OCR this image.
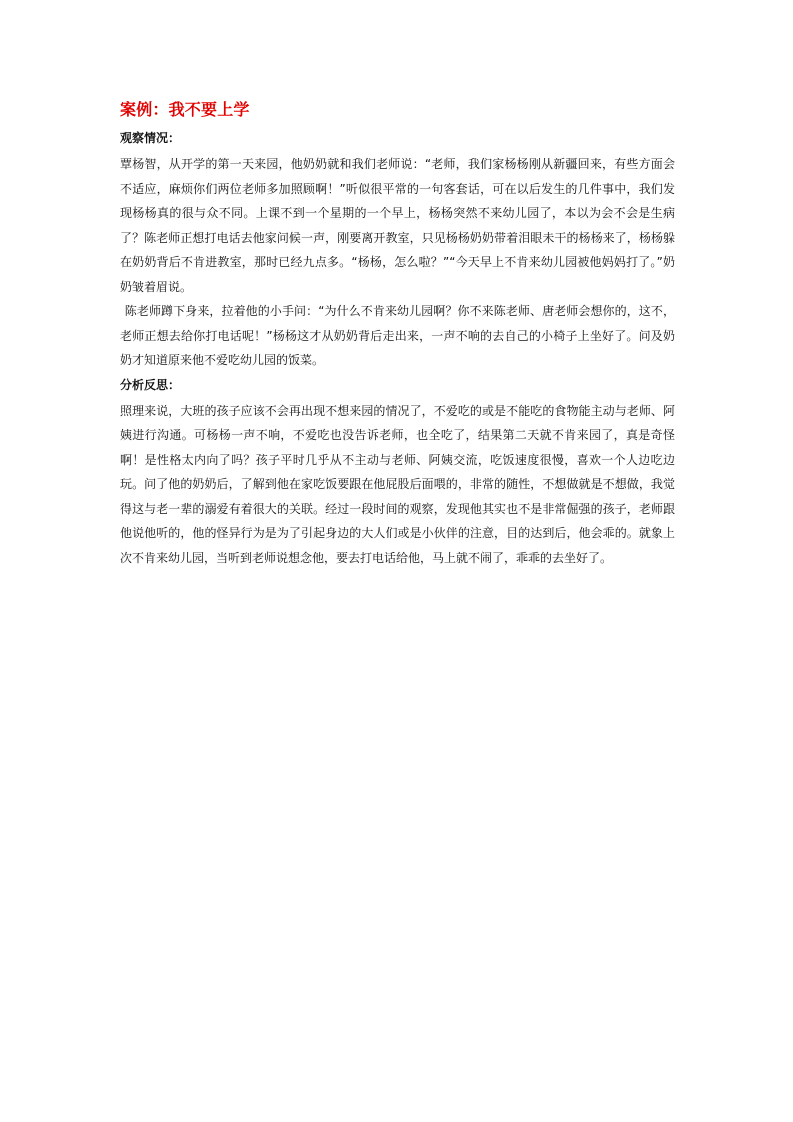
案例：我不要上学
观察情况：

覃杨智，从开学的第一天来园，他奶奶就和我们老师说：“老师，我们家杨杨刚从新疆回来，有些方面会不适应，麻烦你们两位老师多加照顾啊！”听似很平常的一句客套话，可在以后发生的几件事中，我们发现杨杨真的很与众不同。上课不到一个星期的一个早上，杨杨突然不来幼儿园了，本以为会不会是生病了？陈老师正想打电话去他家问候一声，刚要离开教室，只见杨杨奶奶带着泪眼未干的杨杨来了，杨杨躲在奶奶背后不肯进教室，那时已经九点多。“杨杨，怎么啦？”“今天早上不肯来幼儿园被他妈妈打了。”奶奶皱着眉说。

陈老师蹲下身来，拉着他的小手问：“为什么不肯来幼儿园啊？你不来陈老师、唐老师会想你的，这不，老师正想去给你打电话呢！”杨杨这才从奶奶背后走出来，一声不响的去自己的小椅子上坐好了。问及奶奶才知道原来他不爱吃幼儿园的饭菜。

分析反思：

照理来说，大班的孩子应该不会再出现不想来园的情况了，不爱吃的或是不能吃的食物能主动与老师、阿姨进行沟通。可杨杨一声不响，不爱吃也没告诉老师，也全吃了，结果第二天就不肯来园了，真是奇怪啊！是性格太内向了吗？孩子平时几乎从不主动与老师、阿姨交流，吃饭速度很慢，喜欢一个人边吃边玩。问了他的奶奶后，了解到他在家吃饭要跟在他屁股后面喂的，非常的随性，不想做就是不想做，我觉得这与老一辈的溺爱有着很大的关联。经过一段时间的观察，发现他其实也不是非常倔强的孩子，老师跟他说他听的，他的怪异行为是为了引起身边的大人们或是小伙伴的注意，目的达到后，他会乖的。就象上次不肯来幼儿园，当听到老师说想念他，要去打电话给他，马上就不闹了，乖乖的去坐好了。
